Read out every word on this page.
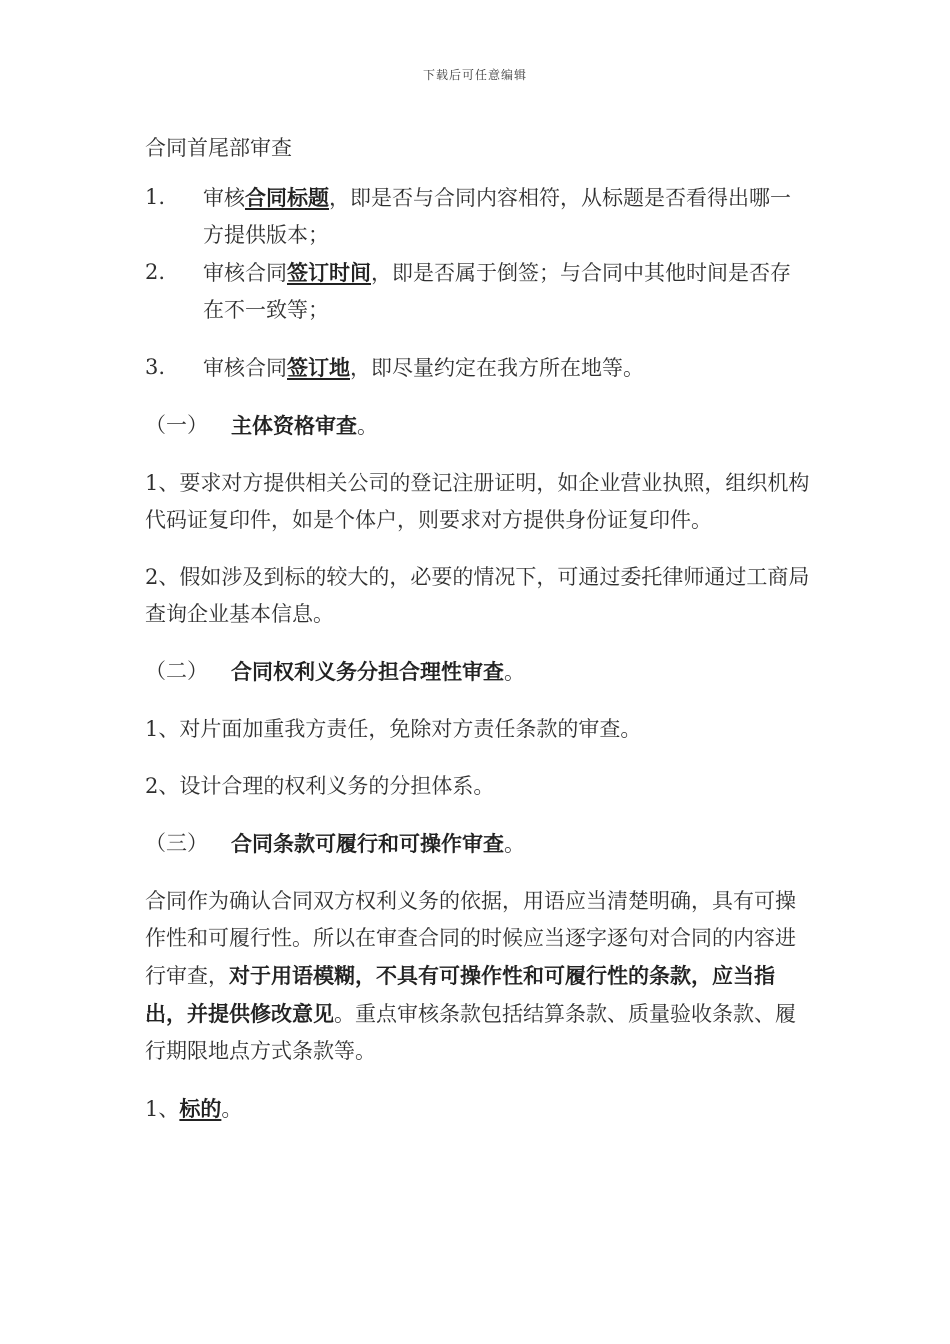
下载后可任意编辑

合同首尾部审查

1.	审核合同标题，即是否与合同内容相符，从标题是否看得出哪一方提供版本；
2.	审核合同签订时间，即是否属于倒签；与合同中其他时间是否存在不一致等；
3.	审核合同签订地，即尽量约定在我方所在地等。
（一）	主体资格审查。

1、要求对方提供相关公司的登记注册证明，如企业营业执照，组织机构代码证复印件，如是个体户，则要求对方提供身份证复印件。

2、假如涉及到标的较大的，必要的情况下，可通过委托律师通过工商局查询企业基本信息。

（二）	合同权利义务分担合理性审查。

1、对片面加重我方责任，免除对方责任条款的审查。

2、设计合理的权利义务的分担体系。

（三）	合同条款可履行和可操作审查。

合同作为确认合同双方权利义务的依据，用语应当清楚明确，具有可操作性和可履行性。所以在审查合同的时候应当逐字逐句对合同的内容进行审查，对于用语模糊，不具有可操作性和可履行性的条款，应当指出，并提供修改意见。重点审核条款包括结算条款、质量验收条款、履行期限地点方式条款等。

1、标的。
